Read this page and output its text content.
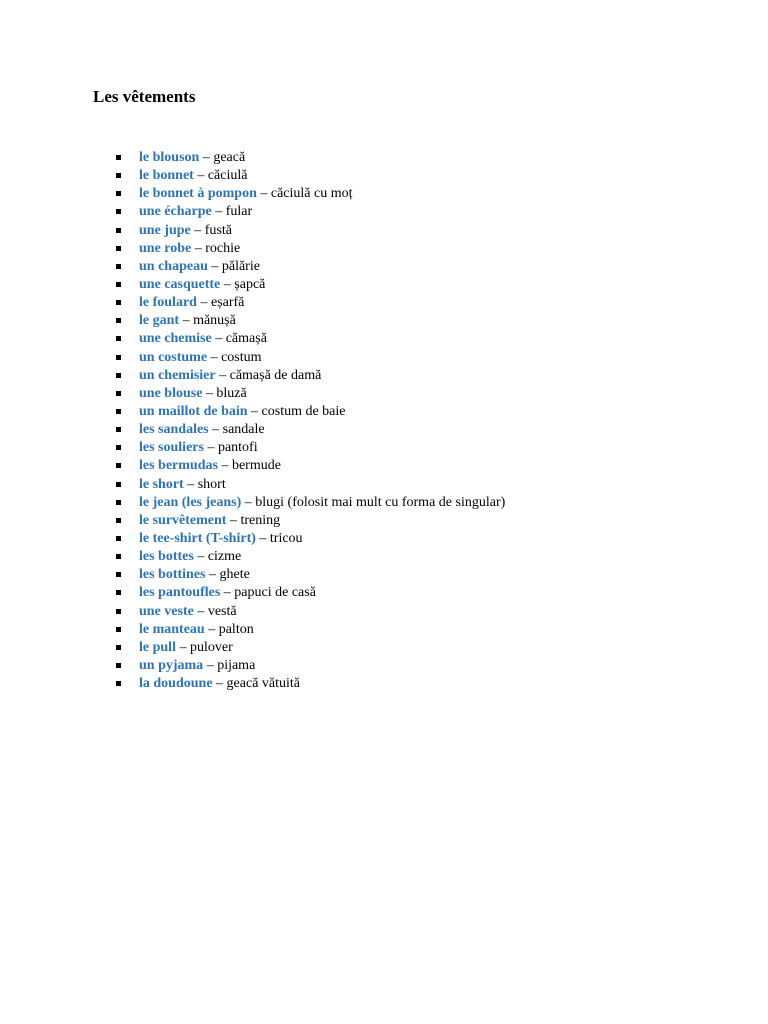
Les vêtements
le blouson – geacă
le bonnet – căciulă
le bonnet à pompon – căciulă cu moț
une écharpe – fular
une jupe – fustă
une robe – rochie
un chapeau – pălărie
une casquette – șapcă
le foulard – eșarfă
le gant – mănușă
une chemise – cămașă
un costume – costum
un chemisier – cămașă de damă
une blouse – bluză
un maillot de bain – costum de baie
les sandales – sandale
les souliers – pantofi
les bermudas – bermude
le short – short
le jean (les jeans) – blugi (folosit mai mult cu forma de singular)
le survêtement – trening
le tee-shirt (T-shirt) – tricou
les bottes – cizme
les bottines – ghete
les pantoufles – papuci de casă
une veste – vestă
le manteau – palton
le pull – pulover
un pyjama – pijama
la doudoune – geacă vătuită
